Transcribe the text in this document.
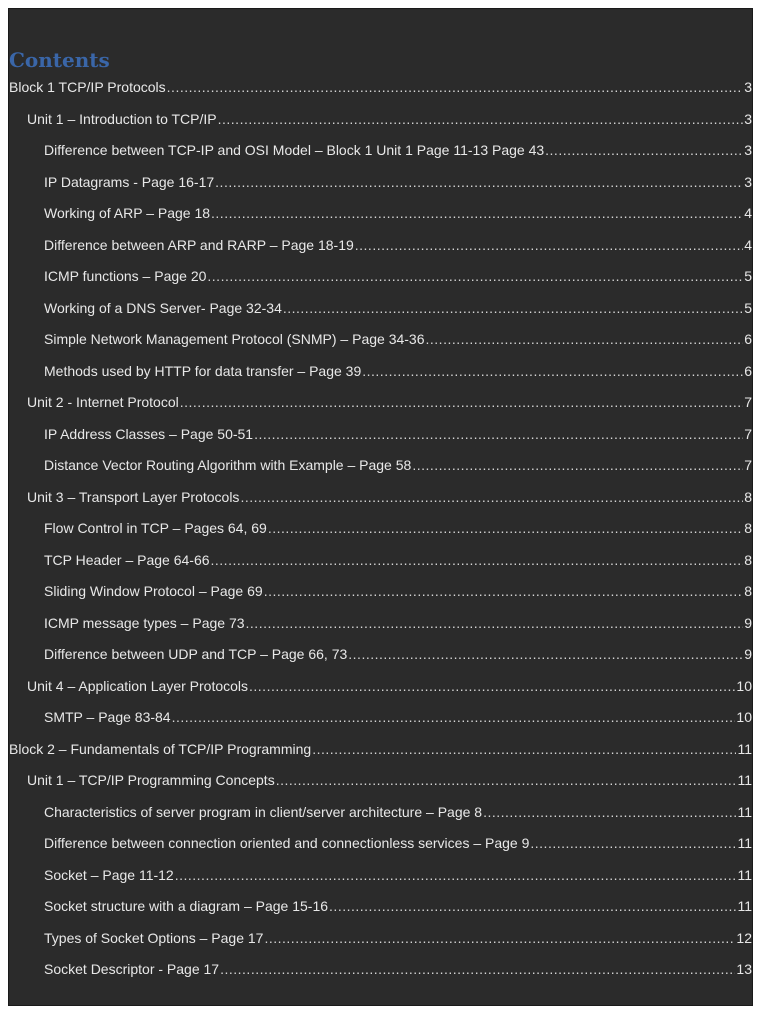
Contents
Block 1 TCP/IP Protocols .....	3
Unit 1 – Introduction to TCP/IP .....	3
Difference between TCP-IP and OSI Model – Block 1 Unit 1 Page 11-13 Page 43 .....	3
IP Datagrams - Page 16-17 .....	3
Working of ARP – Page 18 .....	4
Difference between ARP and RARP – Page 18-19 .....	4
ICMP functions – Page 20 .....	5
Working of a DNS Server- Page 32-34 .....	5
Simple Network Management Protocol (SNMP) – Page 34-36 .....	6
Methods used by HTTP for data transfer – Page 39 .....	6
Unit 2 - Internet Protocol .....	7
IP Address Classes – Page 50-51 .....	7
Distance Vector Routing Algorithm with Example – Page 58 .....	7
Unit 3 – Transport Layer Protocols .....	8
Flow Control in TCP – Pages 64, 69 .....	8
TCP Header – Page 64-66 .....	8
Sliding Window Protocol – Page 69 .....	8
ICMP message types – Page 73 .....	9
Difference between UDP and TCP – Page 66, 73 .....	9
Unit 4 – Application Layer Protocols .....	10
SMTP – Page 83-84 .....	10
Block 2 – Fundamentals of TCP/IP Programming .....	11
Unit 1 – TCP/IP Programming Concepts .....	11
Characteristics of server program in client/server architecture – Page 8 .....	11
Difference between connection oriented and connectionless services – Page 9 .....	11
Socket – Page 11-12 .....	11
Socket structure with a diagram – Page 15-16 .....	11
Types of Socket Options – Page 17 .....	12
Socket Descriptor - Page 17 .....	13
